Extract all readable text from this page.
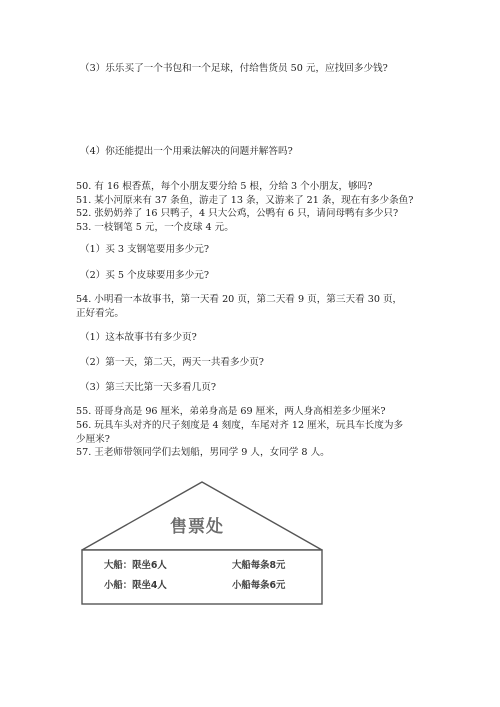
（3）乐乐买了一个书包和一个足球，付给售货员 50 元，应找回多少钱?
（4）你还能提出一个用乘法解决的问题并解答吗?
50. 有 16 根香蕉，每个小朋友要分给 5 根，分给 3 个小朋友，够吗?
51. 某小河原来有 37 条鱼，游走了 13 条，又游来了 21 条，现在有多少条鱼?
52. 张奶奶养了 16 只鸭子，4 只大公鸡，公鸭有 6 只，请问母鸭有多少只?
53. 一枝钢笔 5 元，一个皮球 4 元。
（1）买 3 支钢笔要用多少元?
（2）买 5 个皮球要用多少元?
54. 小明看一本故事书，第一天看 20 页，第二天看 9 页，第三天看 30 页，正好看完。
（1）这本故事书有多少页?
（2）第一天，第二天，两天一共看多少页?
（3）第三天比第一天多看几页?
55. 哥哥身高是 96 厘米，弟弟身高是 69 厘米，两人身高相差多少厘米?
56. 玩具车头对齐的尺子刻度是 4 刻度，车尾对齐 12 厘米，玩具车长度为多少厘米?
57. 王老师带领同学们去划船，男同学 9 人，女同学 8 人。
售票处
大船：限坐6人	大船每条8元
小船：限坐4人	小船每条6元
